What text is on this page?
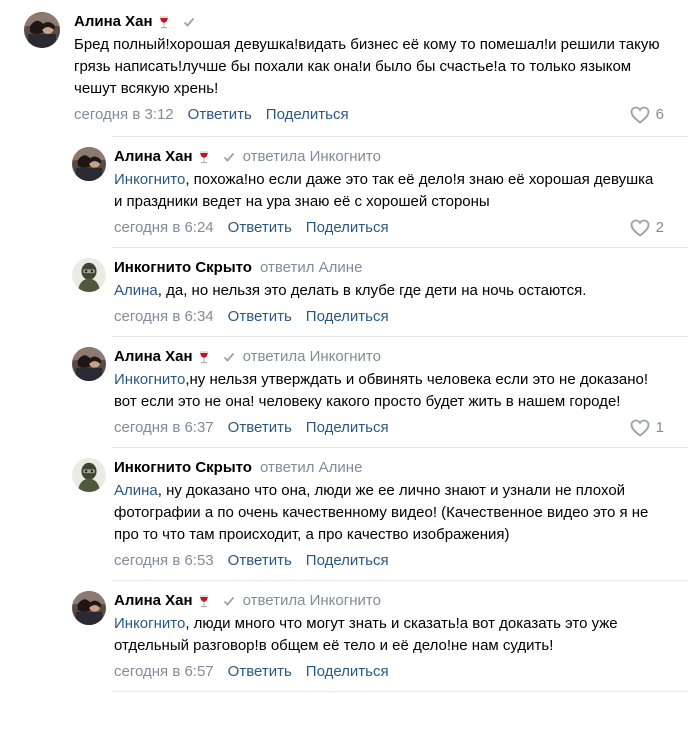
Алина Хан
Бред полный!хорошая девушка!видать бизнес её кому то помешал!и решили такую грязь написать!лучше бы похали как она!и было бы счастье!а то только языком чешут всякую хрень!
сегодня в 3:12 Ответить Поделиться	6
Алина Хан	ответила Инкогнито
Инкогнито, похожа!но если даже это так её дело!я знаю её хорошая девушка и праздники ведет на ура знаю её с хорошей стороны
сегодня в 6:24 Ответить Поделиться	2
Инкогнито Скрыто ответил Алине
Алина, да, но нельзя это делать в клубе где дети на ночь остаются.
сегодня в 6:34 Ответить Поделиться
Алина Хан	ответила Инкогнито
Инкогнито,ну нельзя утверждать и обвинять человека если это не доказано!вот если это не она! человеку какого просто будет жить в нашем городе!
сегодня в 6:37 Ответить Поделиться	1
Инкогнито Скрыто ответил Алине
Алина, ну доказано что она, люди же ее лично знают и узнали не плохой фотографии а по очень качественному видео! (Качественное видео это я не про то что там происходит, а про качество изображения)
сегодня в 6:53 Ответить Поделиться
Алина Хан	ответила Инкогнито
Инкогнито, люди много что могут знать и сказать!а вот доказать это уже отдельный разговор!в общем её тело и её дело!не нам судить!
сегодня в 6:57 Ответить Поделиться
